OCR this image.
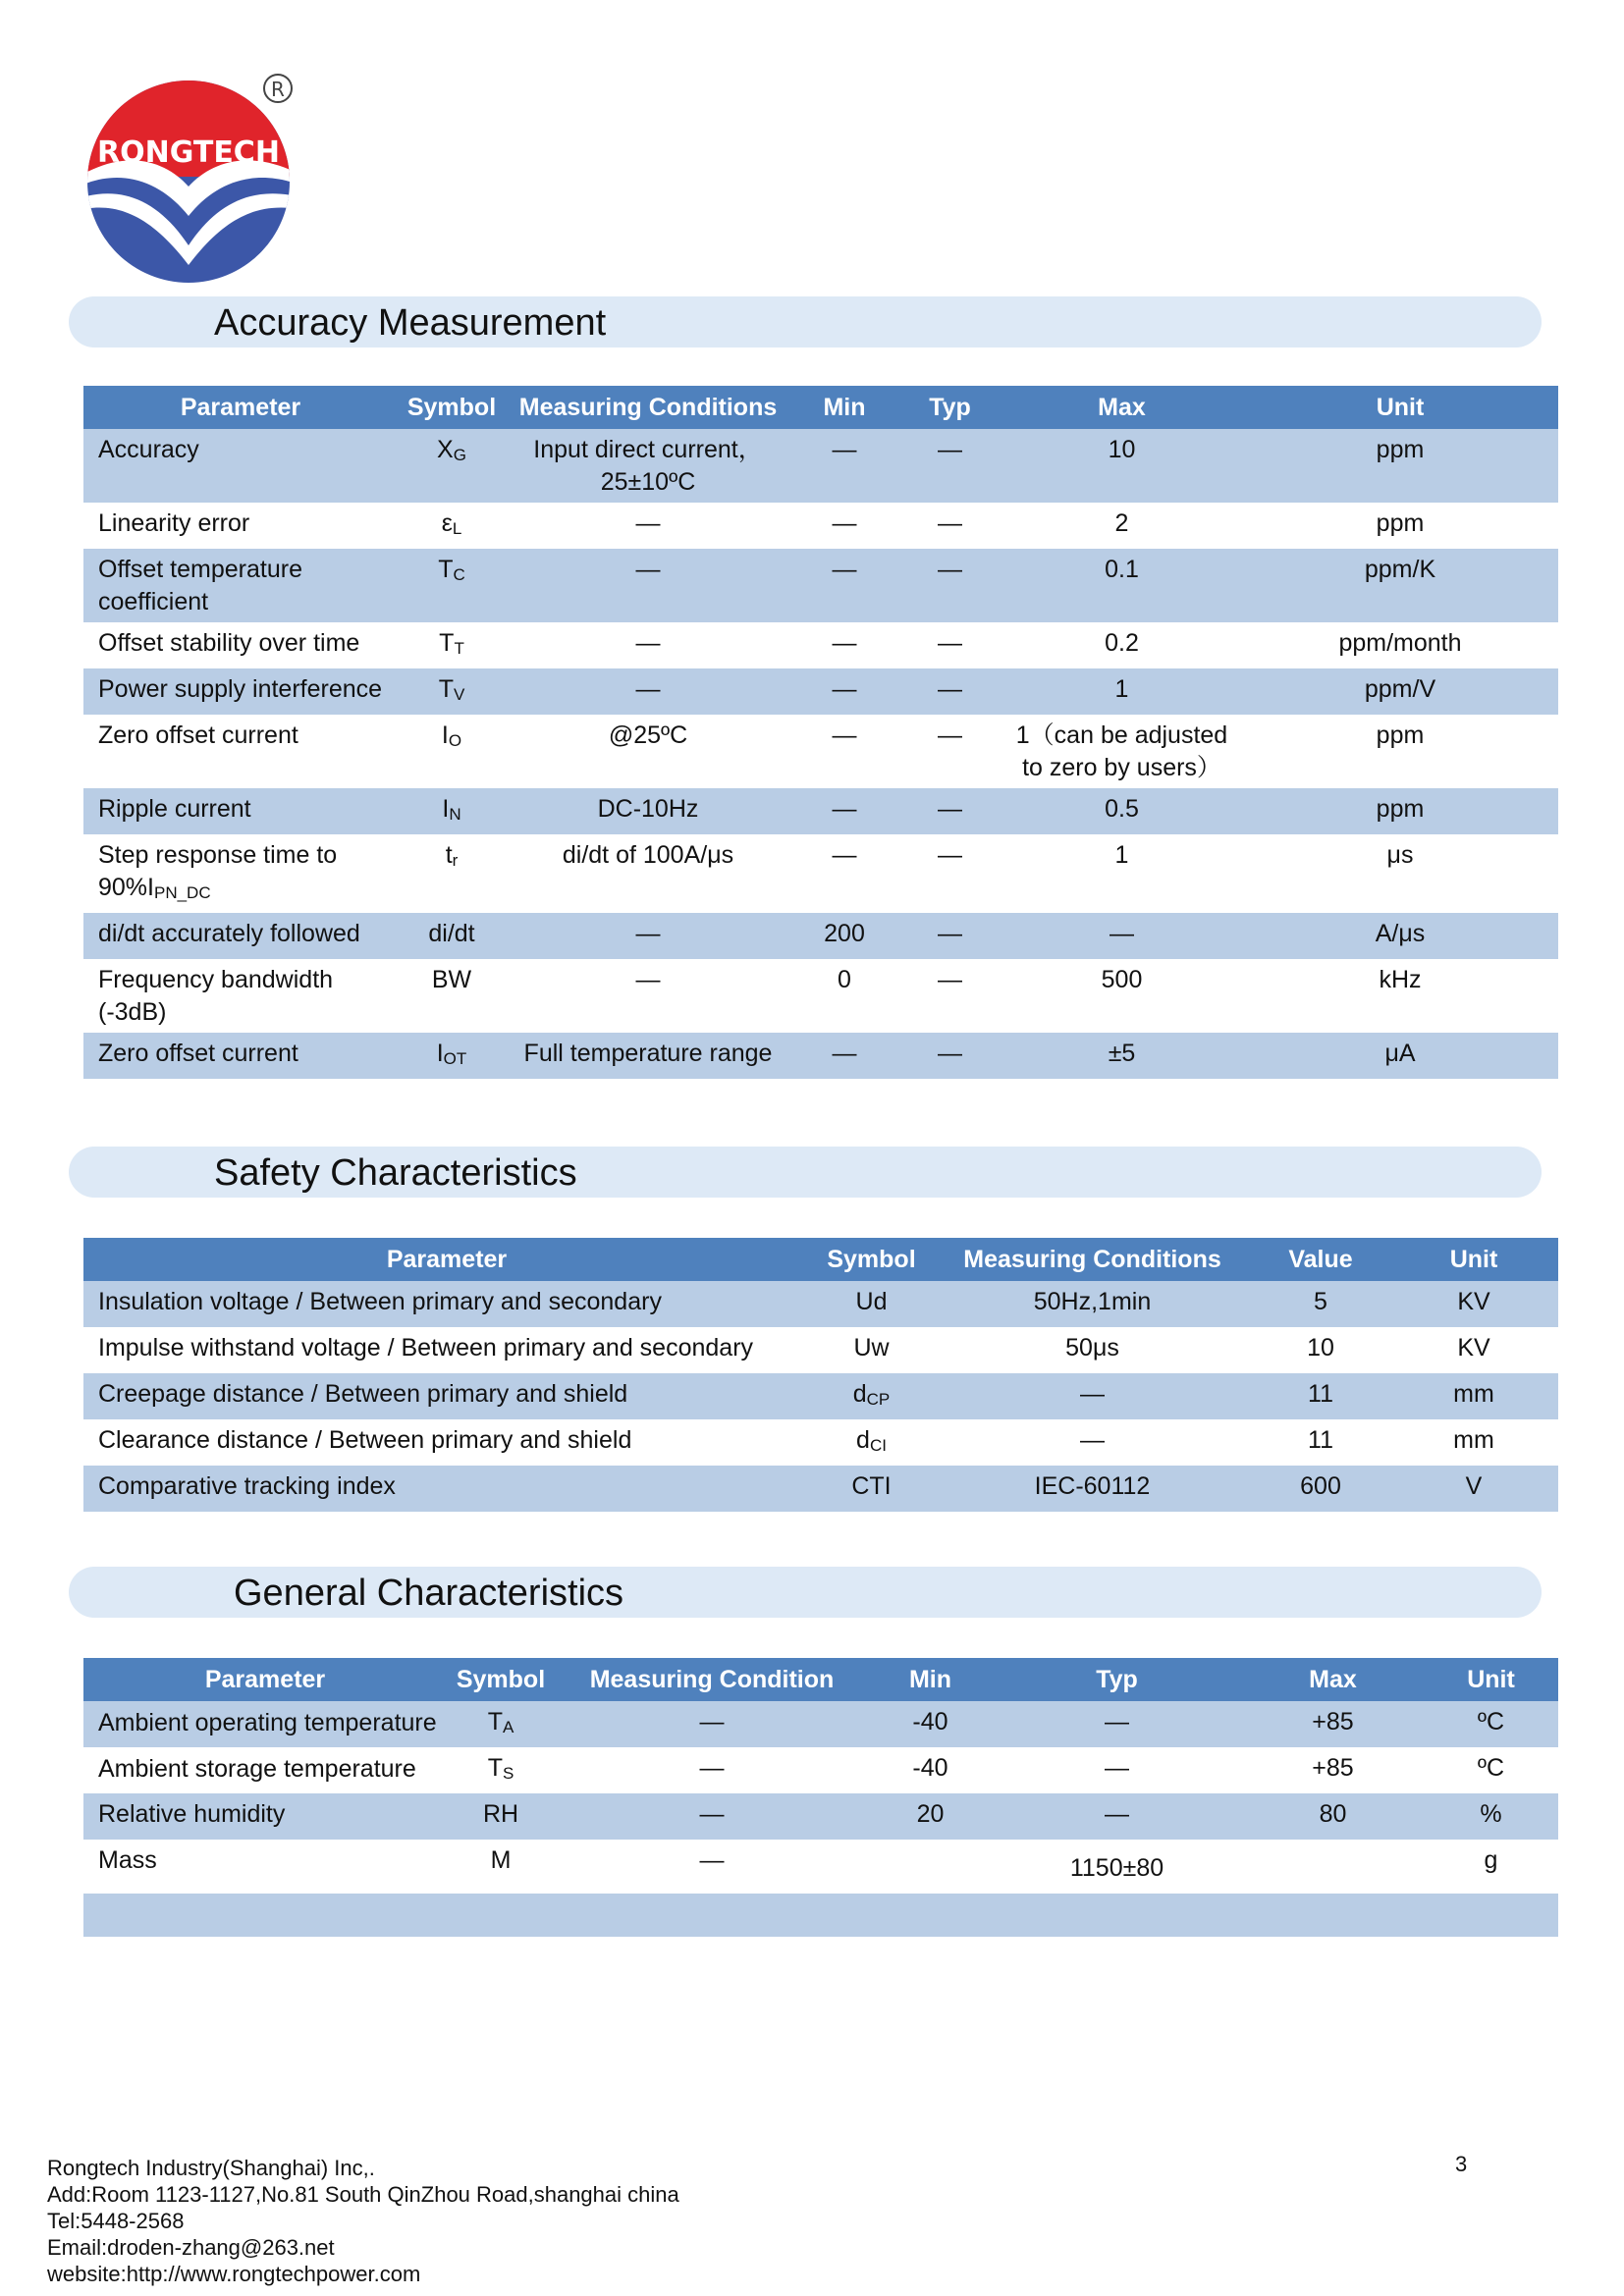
RONGTECH
R
Accuracy Measurement
Parameter	Symbol	Measuring Conditions	Min	Typ	Max	Unit
Accuracy	$X_G$	Input direct current，25±10ºC	—	—	10	ppm
Linearity error	$\varepsilon_L$	—	—	—	2	ppm
Offset temperature coefficient	$T_C$	—	—	—	0.1	ppm/K
Offset stability over time	$T_T$	—	—	—	0.2	ppm/month
Power supply interference	$T_V$	—	—	—	1	ppm/V
Zero offset current	$I_O$	@25ºC	—	—	1（can be adjusted to zero by users）	ppm
Ripple current	$I_N$	DC-10Hz	—	—	0.5	ppm
Step response time to $90\%I_{PN\_DC}$	$t_r$	di/dt of 100A/μs	—	—	1	μs
di/dt accurately followed	di/dt	—	200	—	—	A/μs
Frequency bandwidth (-3dB)	BW	—	0	—	500	kHz
Zero offset current	$I_{OT}$	Full temperature range	—	—	±5	μA
Safety Characteristics
Parameter	Symbol	Measuring Conditions	Value	Unit
Insulation voltage / Between primary and secondary	Ud	50Hz,1min	5	KV
Impulse withstand voltage / Between primary and secondary	Uw	50μs	10	KV
Creepage distance / Between primary and shield	$d_{CP}$	—	11	mm
Clearance distance / Between primary and shield	$d_{CI}$	—	11	mm
Comparative tracking index	CTI	IEC-60112	600	V
General Characteristics
Parameter	Symbol	Measuring Condition	Min	Typ	Max	Unit
Ambient operating temperature	$T_A$	—	-40	—	+85	ºC
Ambient storage temperature	$T_S$	—	-40	—	+85	ºC
Relative humidity	RH	—	20	—	80	%
Mass	M	—		1150±80		g

Rongtech Industry(Shanghai) Inc,.
Add:Room 1123-1127,No.81 South QinZhou Road,shanghai china
Tel:5448-2568
Email:droden-zhang@263.net
website:http://www.rongtechpower.com
3
